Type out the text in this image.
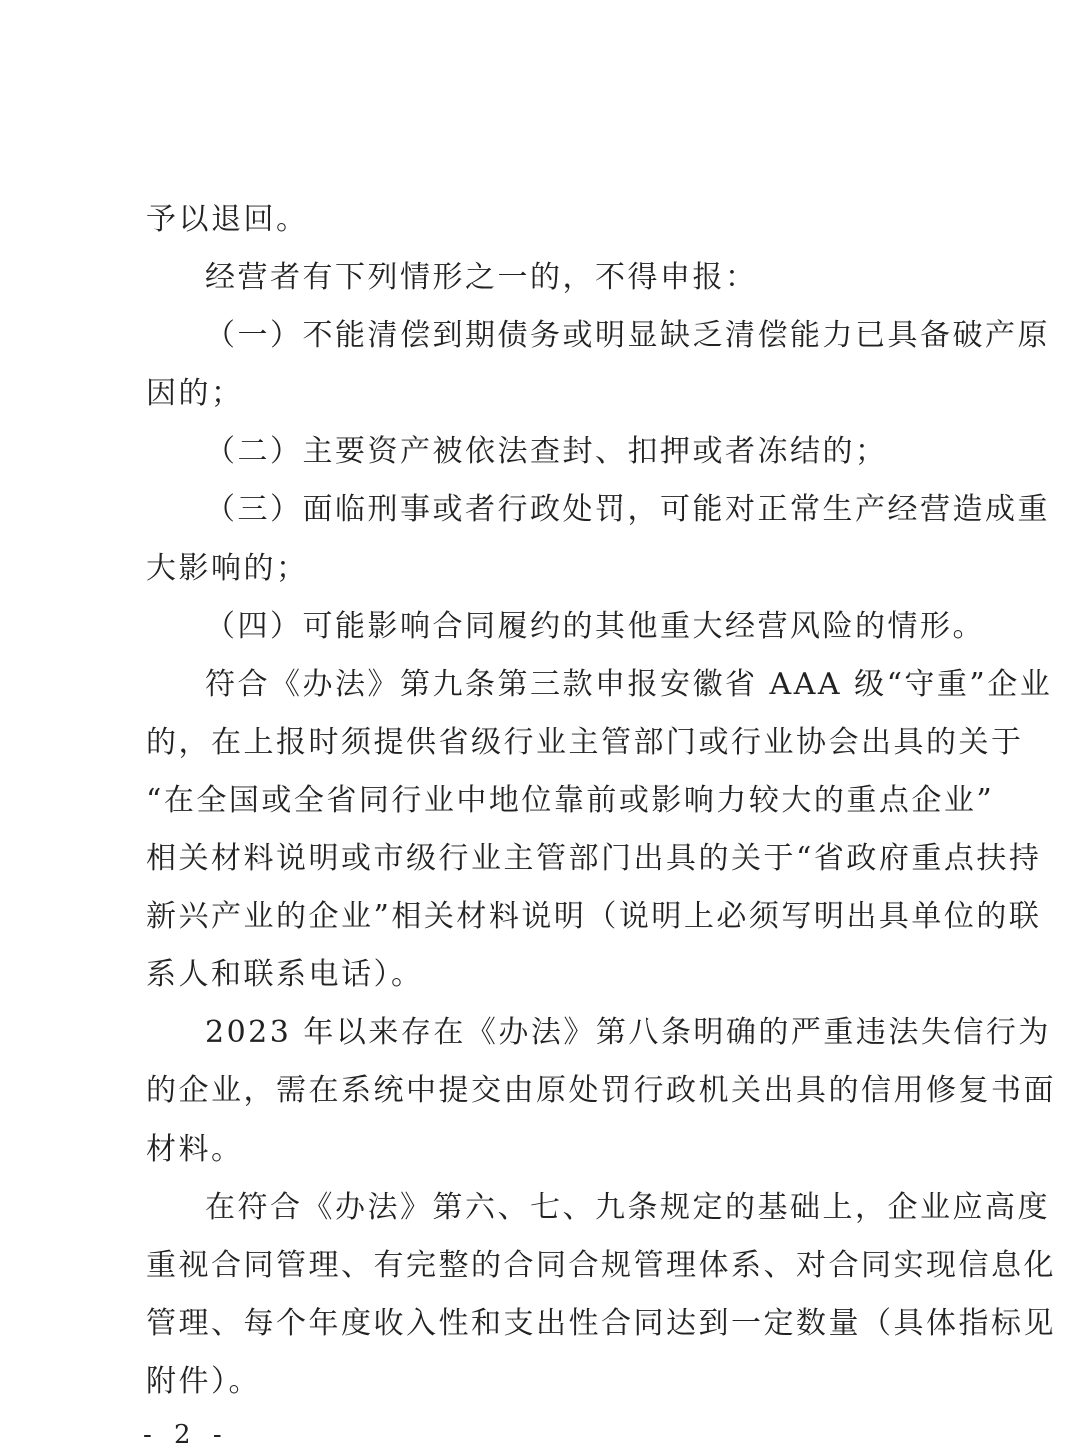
予以退回。
经营者有下列情形之一的，不得申报：
（一）不能清偿到期债务或明显缺乏清偿能力已具备破产原
因的；
（二）主要资产被依法查封、扣押或者冻结的；
（三）面临刑事或者行政处罚，可能对正常生产经营造成重
大影响的；
（四）可能影响合同履约的其他重大经营风险的情形。
符合《办法》第九条第三款申报安徽省 AAA 级“守重”企业
的，在上报时须提供省级行业主管部门或行业协会出具的关于
“在全国或全省同行业中地位靠前或影响力较大的重点企业”
相关材料说明或市级行业主管部门出具的关于“省政府重点扶持
新兴产业的企业”相关材料说明（说明上必须写明出具单位的联
系人和联系电话）。
2023 年以来存在《办法》第八条明确的严重违法失信行为
的企业，需在系统中提交由原处罚行政机关出具的信用修复书面
材料。
在符合《办法》第六、七、九条规定的基础上，企业应高度
重视合同管理、有完整的合同合规管理体系、对合同实现信息化
管理、每个年度收入性和支出性合同达到一定数量（具体指标见
附件）。
- 2 -
